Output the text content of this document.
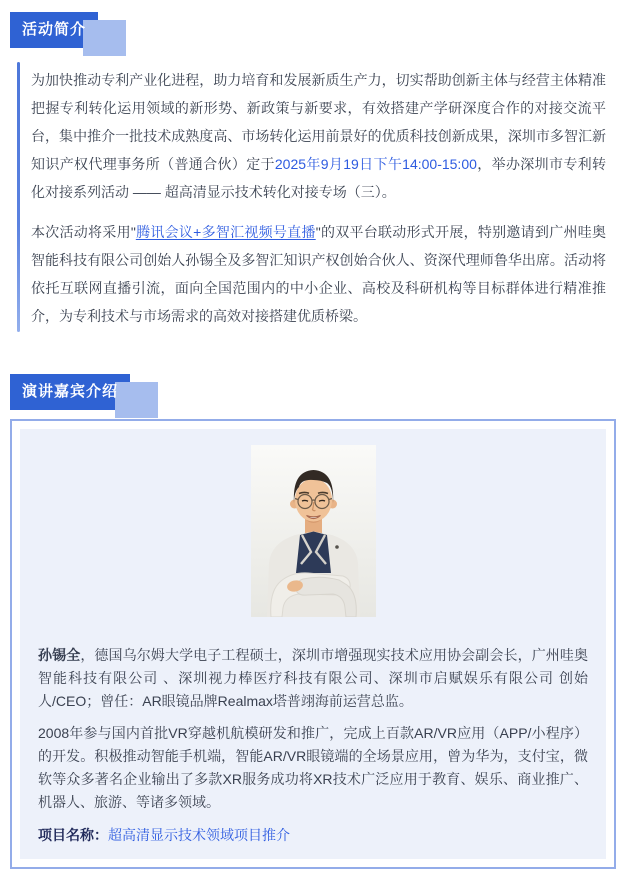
活动简介

为加快推动专利产业化进程，助力培育和发展新质生产力，切实帮助创新主体与经营主体精准把握专利转化运用领域的新形势、新政策与新要求，有效搭建产学研深度合作的对接交流平台，集中推介一批技术成熟度高、市场转化运用前景好的优质科技创新成果，深圳市多智汇新知识产权代理事务所（普通合伙）定于2025年9月19日下午14:00-15:00，举办深圳市专利转化对接系列活动 —— 超高清显示技术转化对接专场（三）。

本次活动将采用"腾讯会议+多智汇视频号直播"的双平台联动形式开展，特别邀请到广州哇奥智能科技有限公司创始人孙锡全及多智汇知识产权创始合伙人、资深代理师鲁华出席。活动将依托互联网直播引流，面向全国范围内的中小企业、高校及科研机构等目标群体进行精准推介，为专利技术与市场需求的高效对接搭建优质桥梁。

演讲嘉宾介绍

孙锡全，德国乌尔姆大学电子工程硕士，深圳市增强现实技术应用协会副会长，广州哇奥智能科技有限公司 、深圳视力棒医疗科技有限公司、深圳市启赋娱乐有限公司 创始人/CEO；曾任：AR眼镜品牌Realmax塔普翊海前运营总监。

2008年参与国内首批VR穿越机航模研发和推广，完成上百款AR/VR应用（APP/小程序）的开发。积极推动智能手机端，智能AR/VR眼镜端的全场景应用，曾为华为，支付宝，微软等众多著名企业输出了多款XR服务成功将XR技术广泛应用于教育、娱乐、商业推广、机器人、旅游、等诸多领域。

项目名称：超高清显示技术领域项目推介
